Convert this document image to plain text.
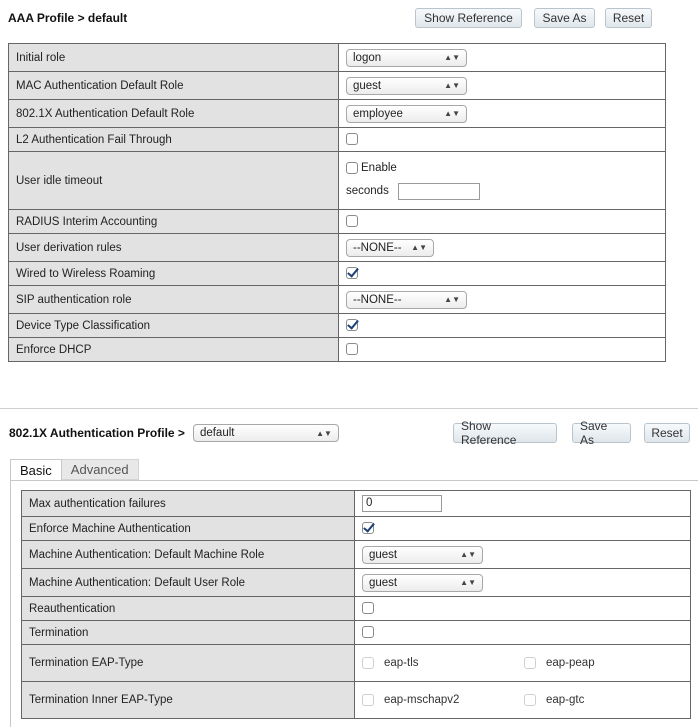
AAA Profile > default	Show Reference	Save As	Reset
Initial role	logon ▲▼

MAC Authentication Default Role	guest ▲▼

802.1X Authentication Default Role	employee ▲▼

L2 Authentication Fail Through	
User idle timeout	Enable
seconds

RADIUS Interim Accounting	
User derivation rules	--NONE-- ▲▼

Wired to Wireless Roaming	
SIP authentication role	--NONE-- ▲▼

Device Type Classification	
Enforce DHCP	
802.1X Authentication Profile > default	▲▼	Show Reference
Save As	Reset
Basic	Advanced
Max authentication failures	0
Enforce Machine Authentication	
Machine Authentication: Default Machine Role	guest ▲▼

Machine Authentication: Default User Role	guest ▲▼

Reauthentication	
Termination	
Termination EAP-Type	eap-tls eap-peap

Termination Inner EAP-Type	eap-mschapv2 eap-gtc
